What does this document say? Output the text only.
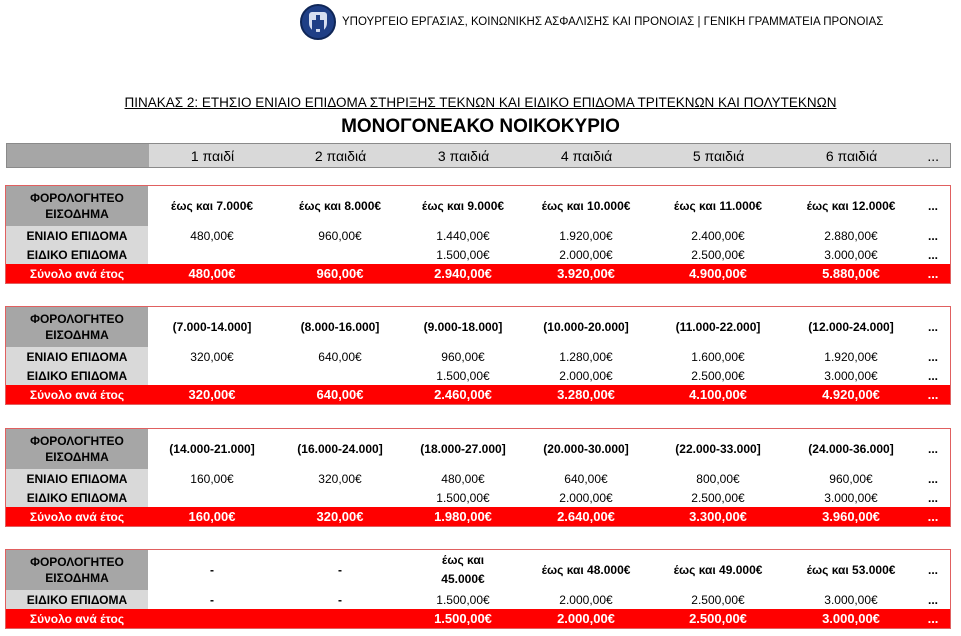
ΥΠΟΥΡΓΕΙΟ ΕΡΓΑΣΙΑΣ, ΚΟΙΝΩΝΙΚΗΣ ΑΣΦΑΛΙΣΗΣ ΚΑΙ ΠΡΟΝΟΙΑΣ | ΓΕΝΙΚΗ ΓΡΑΜΜΑΤΕΙΑ ΠΡΟΝΟΙΑΣ
ΠΙΝΑΚΑΣ 2: ΕΤΗΣΙΟ ΕΝΙΑΙΟ ΕΠΙΔΟΜΑ ΣΤΗΡΙΞΗΣ ΤΕΚΝΩΝ ΚΑΙ ΕΙΔΙΚΟ ΕΠΙΔΟΜΑ ΤΡΙΤΕΚΝΩΝ ΚΑΙ ΠΟΛΥΤΕΚΝΩΝ
ΜΟΝΟΓΟΝΕΑΚΟ ΝΟΙΚΟΚΥΡΙΟ
	1 παιδί	2 παιδιά	3 παιδιά	4 παιδιά	5 παιδιά	6 παιδιά	...
ΦΟΡΟΛΟΓΗΤΕΟ
ΕΙΣΟΔΗΜΑ	έως και 7.000€	έως και 8.000€	έως και 9.000€	έως και 10.000€	έως και 11.000€	έως και 12.000€	...
ΕΝΙΑΙΟ ΕΠΙΔΟΜΑ	480,00€	960,00€	1.440,00€	1.920,00€	2.400,00€	2.880,00€	...
ΕΙΔΙΚΟ ΕΠΙΔΟΜΑ			1.500,00€	2.000,00€	2.500,00€	3.000,00€	...
Σύνολο ανά έτος	480,00€	960,00€	2.940,00€	3.920,00€	4.900,00€	5.880,00€	...
ΦΟΡΟΛΟΓΗΤΕΟ
ΕΙΣΟΔΗΜΑ	(7.000-14.000]	(8.000-16.000]	(9.000-18.000]	(10.000-20.000]	(11.000-22.000]	(12.000-24.000]	...
ΕΝΙΑΙΟ ΕΠΙΔΟΜΑ	320,00€	640,00€	960,00€	1.280,00€	1.600,00€	1.920,00€	...
ΕΙΔΙΚΟ ΕΠΙΔΟΜΑ			1.500,00€	2.000,00€	2.500,00€	3.000,00€	...
Σύνολο ανά έτος	320,00€	640,00€	2.460,00€	3.280,00€	4.100,00€	4.920,00€	...
ΦΟΡΟΛΟΓΗΤΕΟ
ΕΙΣΟΔΗΜΑ	(14.000-21.000]	(16.000-24.000]	(18.000-27.000]	(20.000-30.000]	(22.000-33.000]	(24.000-36.000]	...
ΕΝΙΑΙΟ ΕΠΙΔΟΜΑ	160,00€	320,00€	480,00€	640,00€	800,00€	960,00€	...
ΕΙΔΙΚΟ ΕΠΙΔΟΜΑ			1.500,00€	2.000,00€	2.500,00€	3.000,00€	...
Σύνολο ανά έτος	160,00€	320,00€	1.980,00€	2.640,00€	3.300,00€	3.960,00€	...
ΦΟΡΟΛΟΓΗΤΕΟ
ΕΙΣΟΔΗΜΑ	-	-	έως και 45.000€	έως και 48.000€	έως και 49.000€	έως και 53.000€	...
ΕΙΔΙΚΟ ΕΠΙΔΟΜΑ	-	-	1.500,00€	2.000,00€	2.500,00€	3.000,00€	...
Σύνολο ανά έτος			1.500,00€	2.000,00€	2.500,00€	3.000,00€	...
